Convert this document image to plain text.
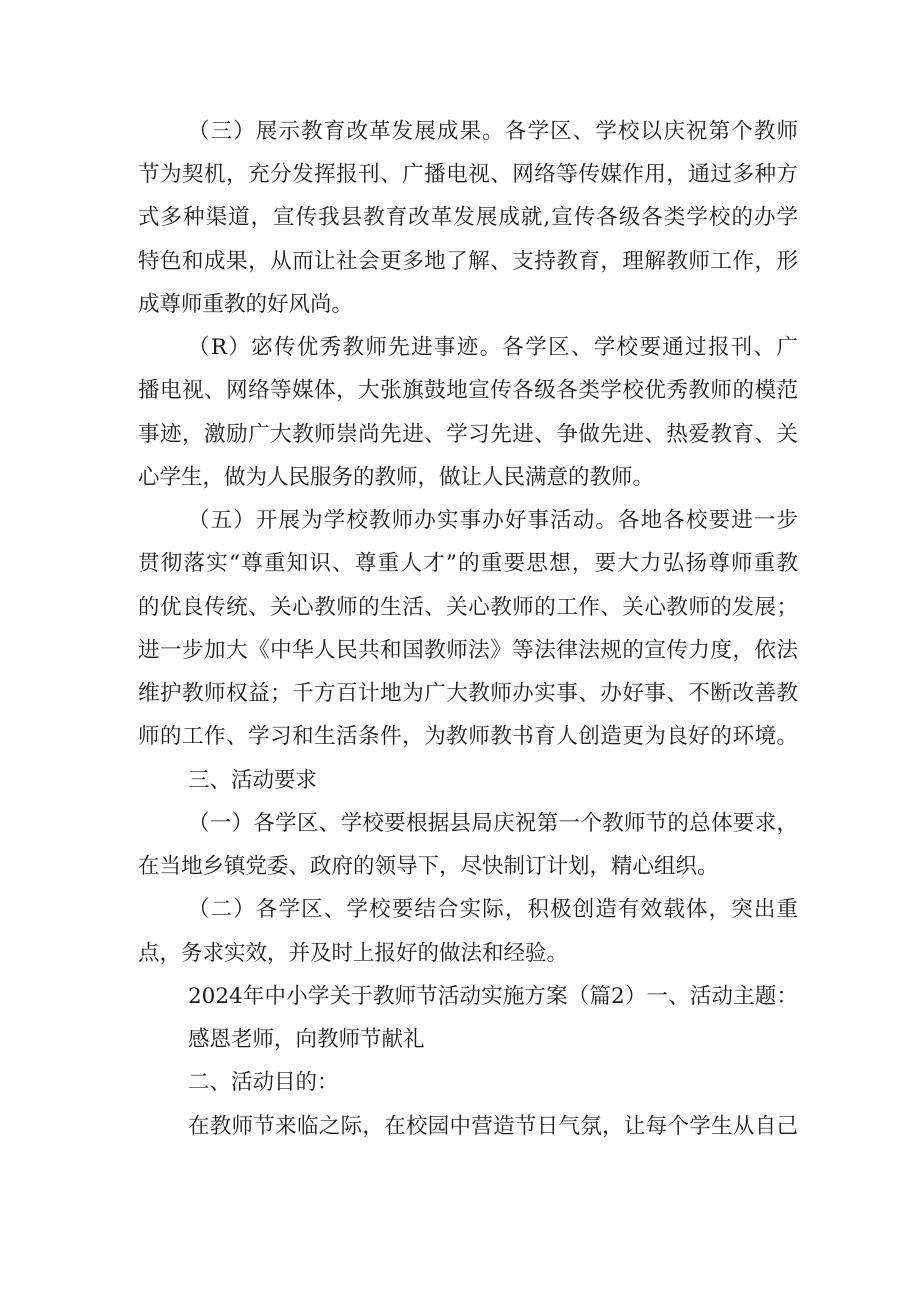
（三）展示教育改革发展成果。各学区、学校以庆祝第个教师
节为契机，充分发挥报刊、广播电视、网络等传媒作用，通过多种方
式多种渠道，宣传我县教育改革发展成就,宣传各级各类学校的办学
特色和成果，从而让社会更多地了解、支持教育，理解教师工作，形
成尊师重教的好风尚。
（R）宓传优秀教师先进事迹。各学区、学校要通过报刊、广
播电视、网络等媒体，大张旗鼓地宣传各级各类学校优秀教师的模范
事迹，激励广大教师崇尚先进、学习先进、争做先进、热爱教育、关
心学生，做为人民服务的教师，做让人民满意的教师。
（五）开展为学校教师办实事办好事活动。各地各校要进一步
贯彻落实“尊重知识、尊重人才”的重要思想，要大力弘扬尊师重教
的优良传统、关心教师的生活、关心教师的工作、关心教师的发展；
进一步加大《中华人民共和国教师法》等法律法规的宣传力度，依法
维护教师权益；千方百计地为广大教师办实事、办好事、不断改善教
师的工作、学习和生活条件，为教师教书育人创造更为良好的环境。
三、活动要求
（一）各学区、学校要根据县局庆祝第一个教师节的总体要求，
在当地乡镇党委、政府的领导下，尽快制订计划，精心组织。
（二）各学区、学校要结合实际，积极创造有效载体，突出重
点，务求实效，并及时上报好的做法和经验。
2024年中小学关于教师节活动实施方案（篇2）一、活动主题：
感恩老师，向教师节献礼
二、活动目的：
在教师节来临之际，在校园中营造节日气氛，让每个学生从自己
